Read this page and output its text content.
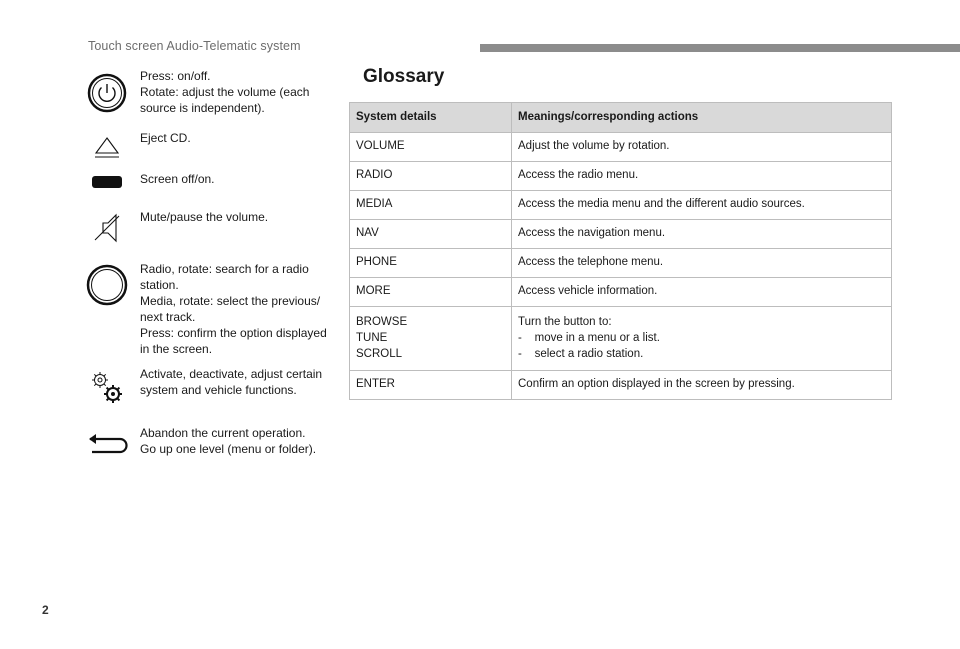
Touch screen Audio-Telematic system
Press: on/off.
Rotate: adjust the volume (each
source is independent).
Eject CD.
Screen off/on.
Mute/pause the volume.
Radio, rotate: search for a radio
station.
Media, rotate: select the previous/
next track.
Press: confirm the option displayed
in the screen.
Activate, deactivate, adjust certain
system and vehicle functions.
Abandon the current operation.
Go up one level (menu or folder).
Glossary
System details	Meanings/corresponding actions

VOLUME	Adjust the volume by rotation.

RADIO	Access the radio menu.

MEDIA	Access the media menu and the different audio sources.

NAV	Access the navigation menu.

PHONE	Access the telephone menu.

MORE	Access vehicle information.

BROWSE
TUNE
SCROLL	Turn the button to:
-    move in a menu or a list.
-    select a radio station.

ENTER	Confirm an option displayed in the screen by pressing.
2
